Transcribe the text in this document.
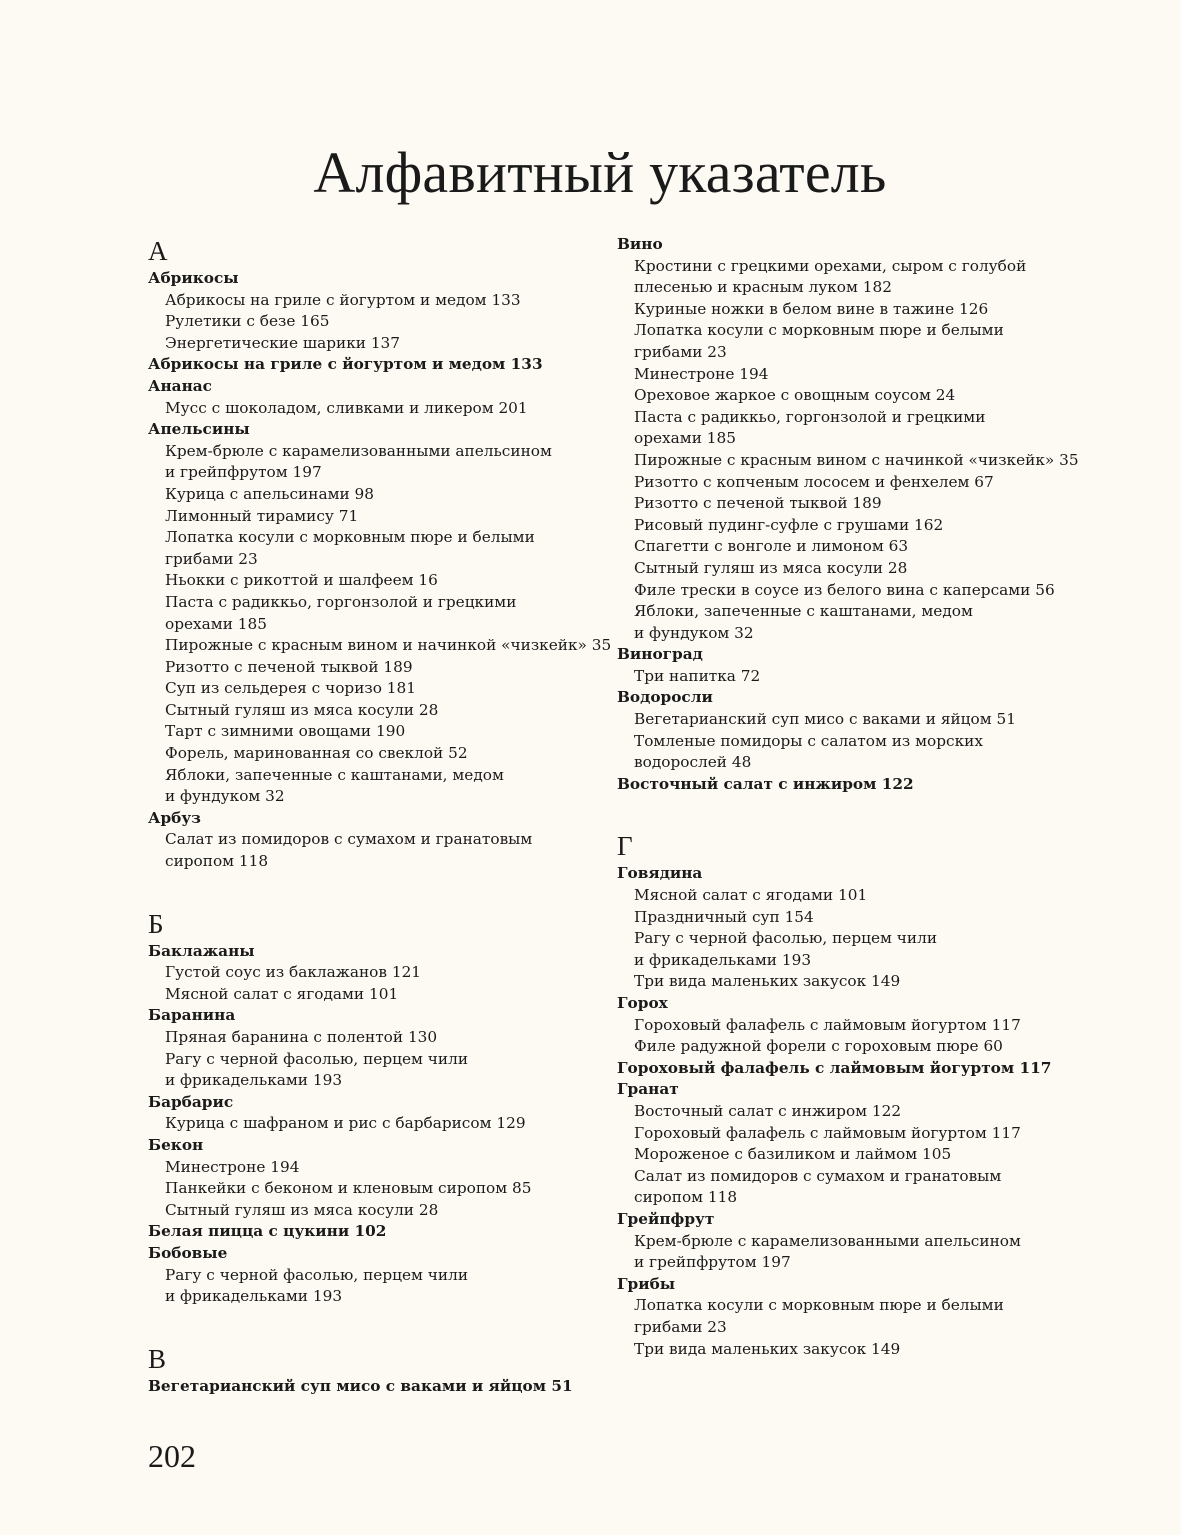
Алфавитный указатель
А
Абрикосы
Абрикосы на гриле с йогуртом и медом 133
Рулетики с безе 165
Энергетические шарики 137
Абрикосы на гриле с йогуртом и медом 133
Ананас
Мусс с шоколадом, сливками и ликером 201
Апельсины
Крем-брюле с карамелизованными апельсином
и грейпфрутом 197
Курица с апельсинами 98
Лимонный тирамису 71
Лопатка косули с морковным пюре и белыми
грибами 23
Ньокки с рикоттой и шалфеем 16
Паста с радиккьо, горгонзолой и грецкими
орехами 185
Пирожные с красным вином и начинкой «чизкейк» 35
Ризотто с печеной тыквой 189
Суп из сельдерея с чоризо 181
Сытный гуляш из мяса косули 28
Тарт с зимними овощами 190
Форель, маринованная со свеклой 52
Яблоки, запеченные с каштанами, медом
и фундуком 32
Арбуз
Салат из помидоров с сумахом и гранатовым
сиропом 118
Б
Баклажаны
Густой соус из баклажанов 121
Мясной салат с ягодами 101
Баранина
Пряная баранина с полентой 130
Рагу с черной фасолью, перцем чили
и фрикадельками 193
Барбарис
Курица с шафраном и рис с барбарисом 129
Бекон
Минестроне 194
Панкейки с беконом и кленовым сиропом 85
Сытный гуляш из мяса косули 28
Белая пицца с цукини 102
Бобовые
Рагу с черной фасолью, перцем чили
и фрикадельками 193
В
Вегетарианский суп мисо с ваками и яйцом 51
Вино
Кростини с грецкими орехами, сыром с голубой
плесенью и красным луком 182
Куриные ножки в белом вине в тажине 126
Лопатка косули с морковным пюре и белыми
грибами 23
Минестроне 194
Ореховое жаркое с овощным соусом 24
Паста с радиккьо, горгонзолой и грецкими
орехами 185
Пирожные с красным вином с начинкой «чизкейк» 35
Ризотто с копченым лососем и фенхелем 67
Ризотто с печеной тыквой 189
Рисовый пудинг-суфле с грушами 162
Спагетти с вонголе и лимоном 63
Сытный гуляш из мяса косули 28
Филе трески в соусе из белого вина с каперсами 56
Яблоки, запеченные с каштанами, медом
и фундуком 32
Виноград
Три напитка 72
Водоросли
Вегетарианский суп мисо с ваками и яйцом 51
Томленые помидоры с салатом из морских
водорослей 48
Восточный салат с инжиром 122
Г
Говядина
Мясной салат с ягодами 101
Праздничный суп 154
Рагу с черной фасолью, перцем чили
и фрикадельками 193
Три вида маленьких закусок 149
Горох
Гороховый фалафель с лаймовым йогуртом 117
Филе радужной форели с гороховым пюре 60
Гороховый фалафель с лаймовым йогуртом 117
Гранат
Восточный салат с инжиром 122
Гороховый фалафель с лаймовым йогуртом 117
Мороженое с базиликом и лаймом 105
Салат из помидоров с сумахом и гранатовым
сиропом 118
Грейпфрут
Крем-брюле с карамелизованными апельсином
и грейпфрутом 197
Грибы
Лопатка косули с морковным пюре и белыми
грибами 23
Три вида маленьких закусок 149
202
